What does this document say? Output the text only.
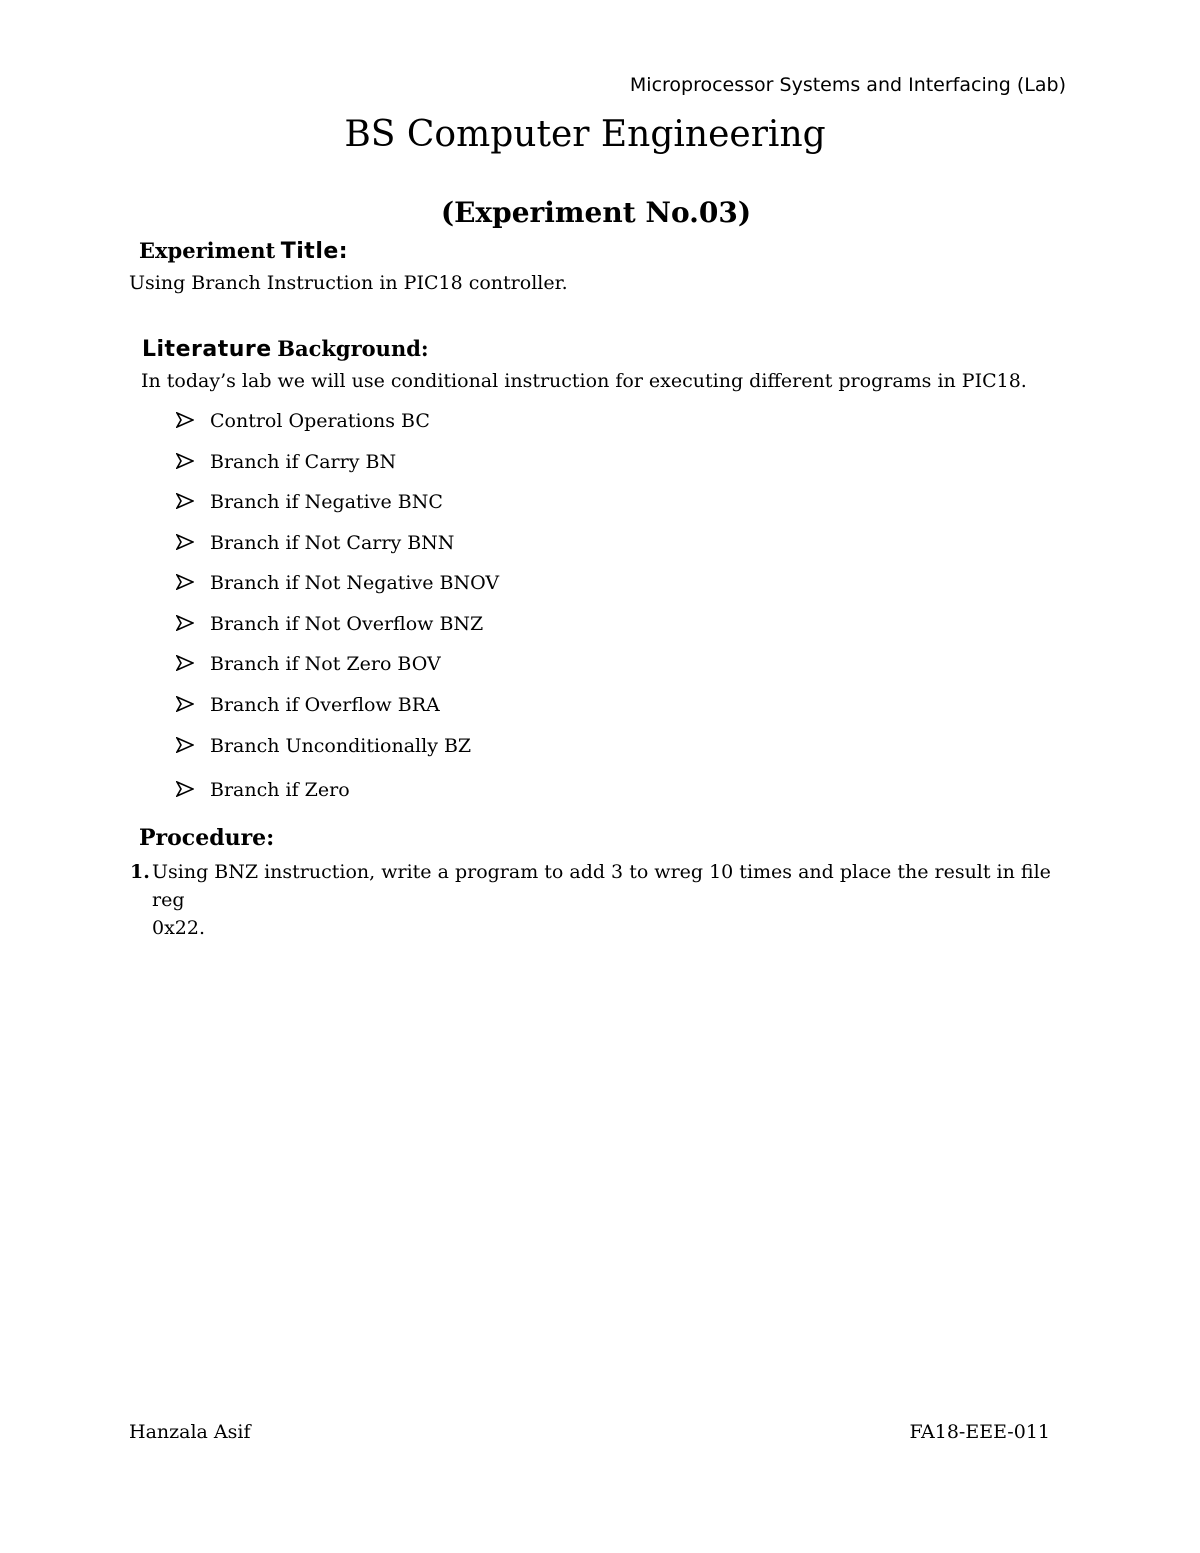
Microprocessor Systems and Interfacing (Lab)
BS Computer Engineering
(Experiment No.03)
Experiment Title:
Using Branch Instruction in PIC18 controller.
Literature Background:
In today’s lab we will use conditional instruction for executing different programs in PIC18.
Control Operations BC
Branch if Carry BN
Branch if Negative BNC
Branch if Not Carry BNN
Branch if Not Negative BNOV
Branch if Not Overflow BNZ
Branch if Not Zero BOV
Branch if Overflow BRA
Branch Unconditionally BZ
Branch if Zero
Procedure:
1. Using BNZ instruction, write a program to add 3 to wreg 10 times and place the result in file reg
0x22.
Hanzala Asif	FA18-EEE-011
